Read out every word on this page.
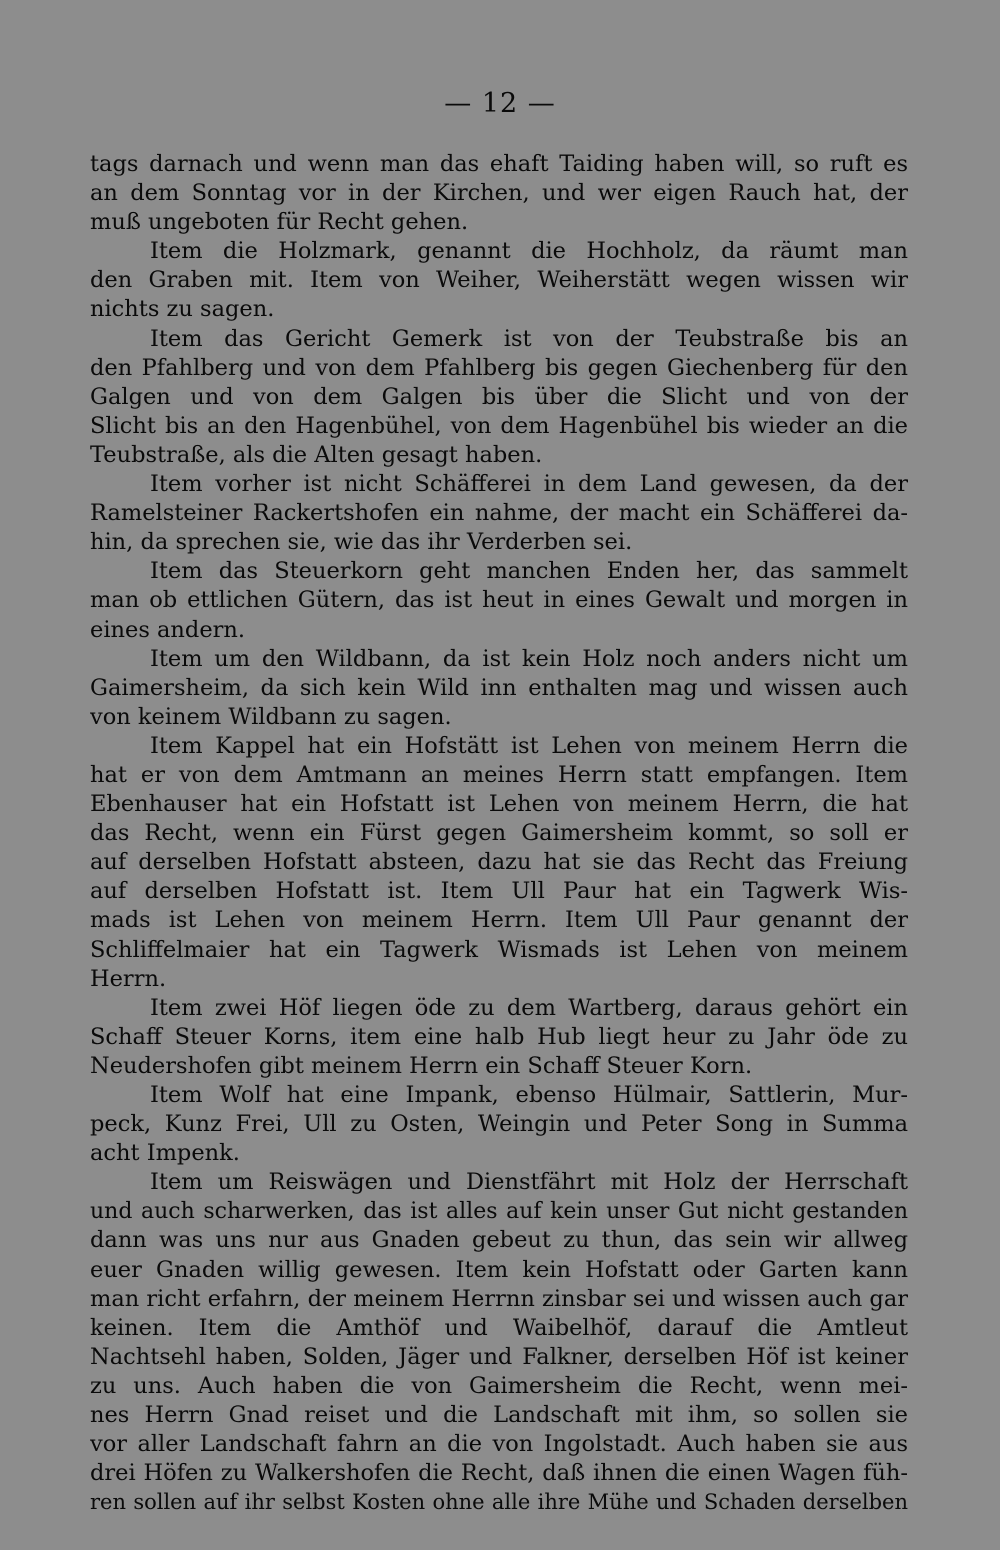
— 12 —
tags darnach und wenn man das ehaft Taiding haben will, so ruft es
an dem Sonntag vor in der Kirchen, und wer eigen Rauch hat, der
muß ungeboten für Recht gehen.
Item die Holzmark, genannt die Hochholz, da räumt man
den Graben mit. Item von Weiher, Weiherstätt wegen wissen wir
nichts zu sagen.
Item das Gericht Gemerk ist von der Teubstraße bis an
den Pfahlberg und von dem Pfahlberg bis gegen Giechenberg für den
Galgen und von dem Galgen bis über die Slicht und von der
Slicht bis an den Hagenbühel, von dem Hagenbühel bis wieder an die
Teubstraße, als die Alten gesagt haben.
Item vorher ist nicht Schäfferei in dem Land gewesen, da der
Ramelsteiner Rackertshofen ein nahme, der macht ein Schäfferei da-
hin, da sprechen sie, wie das ihr Verderben sei.
Item das Steuerkorn geht manchen Enden her, das sammelt
man ob ettlichen Gütern, das ist heut in eines Gewalt und morgen in
eines andern.
Item um den Wildbann, da ist kein Holz noch anders nicht um
Gaimersheim, da sich kein Wild inn enthalten mag und wissen auch
von keinem Wildbann zu sagen.
Item Kappel hat ein Hofstätt ist Lehen von meinem Herrn die
hat er von dem Amtmann an meines Herrn statt empfangen. Item
Ebenhauser hat ein Hofstatt ist Lehen von meinem Herrn, die hat
das Recht, wenn ein Fürst gegen Gaimersheim kommt, so soll er
auf derselben Hofstatt absteen, dazu hat sie das Recht das Freiung
auf derselben Hofstatt ist. Item Ull Paur hat ein Tagwerk Wis-
mads ist Lehen von meinem Herrn. Item Ull Paur genannt der
Schliffelmaier hat ein Tagwerk Wismads ist Lehen von meinem
Herrn.
Item zwei Höf liegen öde zu dem Wartberg, daraus gehört ein
Schaff Steuer Korns, item eine halb Hub liegt heur zu Jahr öde zu
Neudershofen gibt meinem Herrn ein Schaff Steuer Korn.
Item Wolf hat eine Impank, ebenso Hülmair, Sattlerin, Mur-
peck, Kunz Frei, Ull zu Osten, Weingin und Peter Song in Summa
acht Impenk.
Item um Reiswägen und Dienstfährt mit Holz der Herrschaft
und auch scharwerken, das ist alles auf kein unser Gut nicht gestanden
dann was uns nur aus Gnaden gebeut zu thun, das sein wir allweg
euer Gnaden willig gewesen. Item kein Hofstatt oder Garten kann
man richt erfahrn, der meinem Herrnn zinsbar sei und wissen auch gar
keinen. Item die Amthöf und Waibelhöf, darauf die Amtleut
Nachtsehl haben, Solden, Jäger und Falkner, derselben Höf ist keiner
zu uns. Auch haben die von Gaimersheim die Recht, wenn mei-
nes Herrn Gnad reiset und die Landschaft mit ihm, so sollen sie
vor aller Landschaft fahrn an die von Ingolstadt. Auch haben sie aus
drei Höfen zu Walkershofen die Recht, daß ihnen die einen Wagen füh-
ren sollen auf ihr selbst Kosten ohne alle ihre Mühe und Schaden derselben
